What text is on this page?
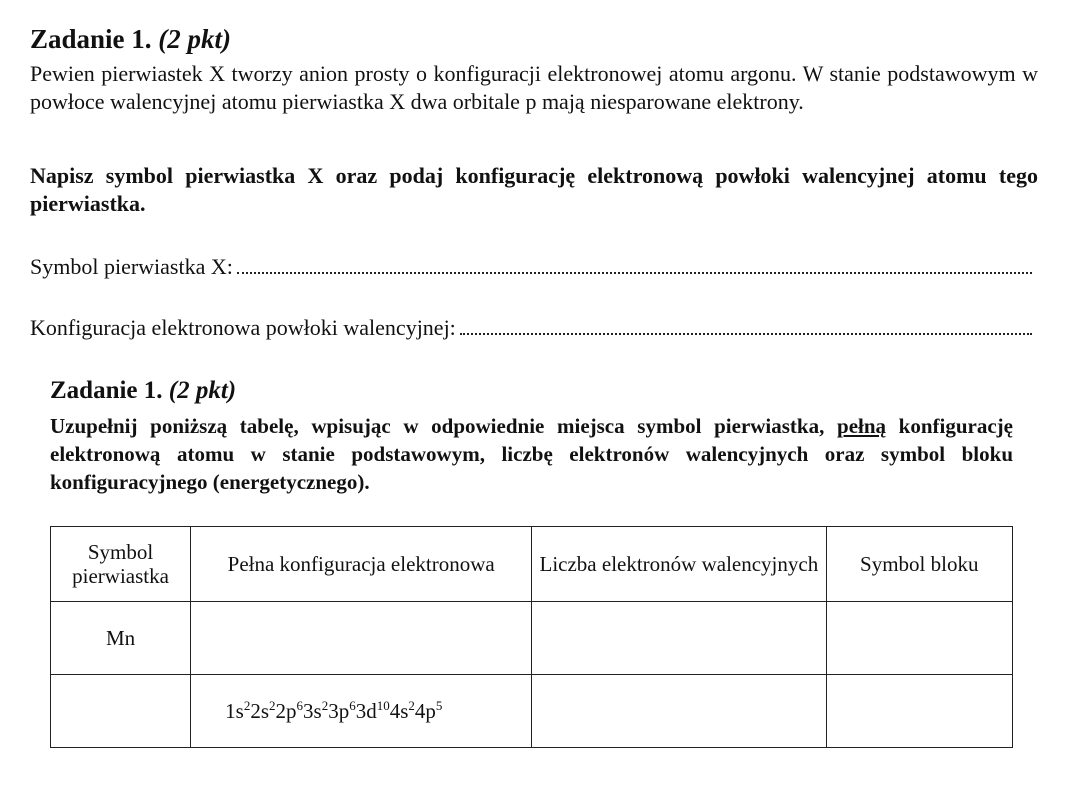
Zadanie 1. (2 pkt)
Pewien pierwiastek X tworzy anion prosty o konfiguracji elektronowej atomu argonu. W stanie podstawowym w powłoce walencyjnej atomu pierwiastka X dwa orbitale p mają niesparowane elektrony.
Napisz symbol pierwiastka X oraz podaj konfigurację elektronową powłoki walencyjnej atomu tego pierwiastka.
Symbol pierwiastka X:
Konfiguracja elektronowa powłoki walencyjnej:
Zadanie 1. (2 pkt)
Uzupełnij poniższą tabelę, wpisując w odpowiednie miejsca symbol pierwiastka, pełną konfigurację elektronową atomu w stanie podstawowym, liczbę elektronów walencyjnych oraz symbol bloku konfiguracyjnego (energetycznego).
Symbol pierwiastka	Pełna konfiguracja elektronowa	Liczba elektronów walencyjnych	Symbol bloku
Mn			
	$1s^22s^22p^63s^23p^63d^{10}4s^24p^5$		
